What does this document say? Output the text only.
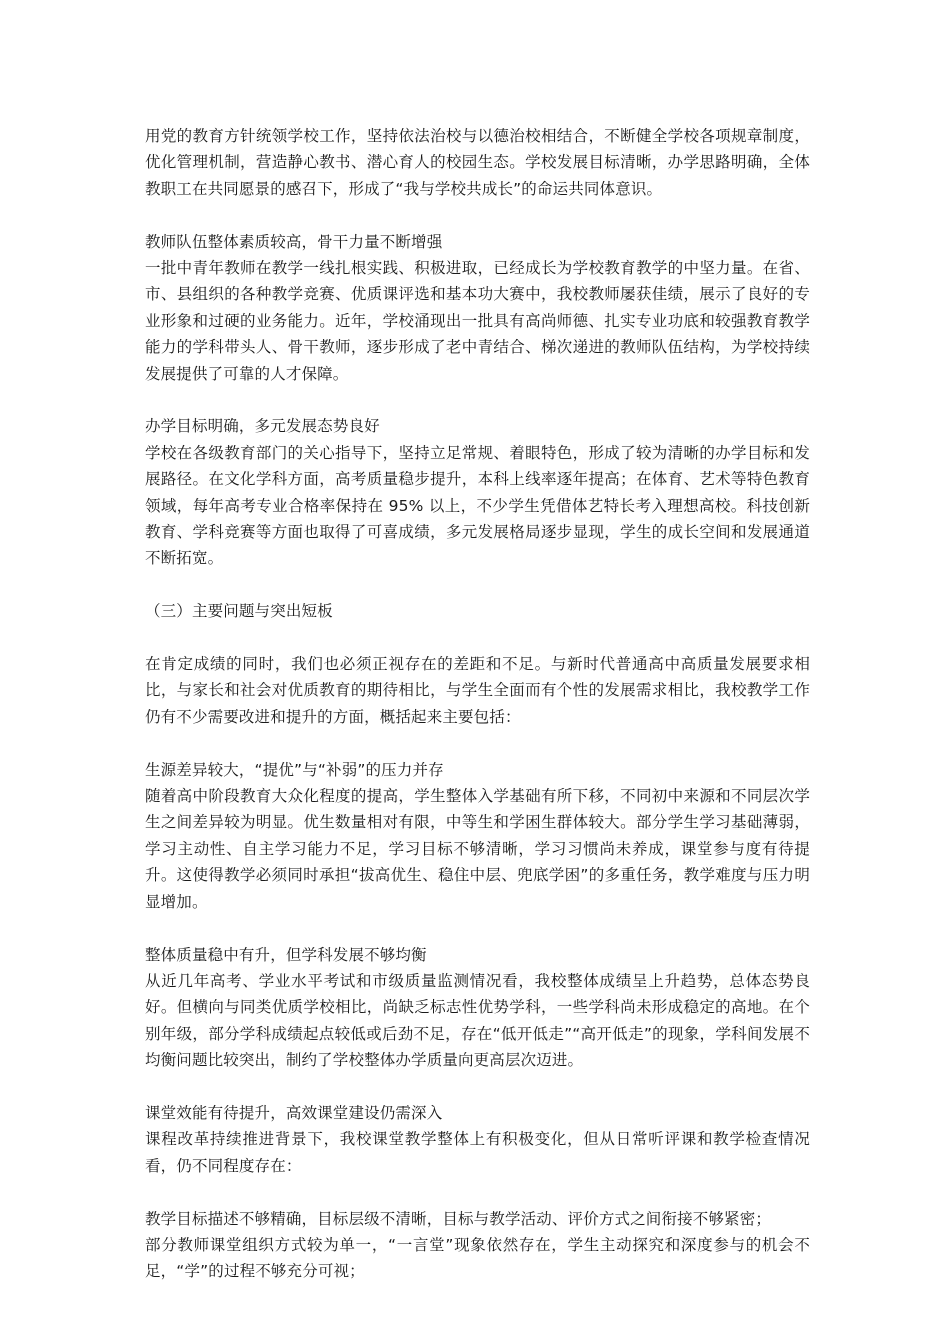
用党的教育方针统领学校工作，坚持依法治校与以德治校相结合，不断健全学校各项规章制度，优化管理机制，营造静心教书、潜心育人的校园生态。学校发展目标清晰，办学思路明确，全体教职工在共同愿景的感召下，形成了“我与学校共成长”的命运共同体意识。

教师队伍整体素质较高，骨干力量不断增强

一批中青年教师在教学一线扎根实践、积极进取，已经成长为学校教育教学的中坚力量。在省、市、县组织的各种教学竞赛、优质课评选和基本功大赛中，我校教师屡获佳绩，展示了良好的专业形象和过硬的业务能力。近年，学校涌现出一批具有高尚师德、扎实专业功底和较强教育教学能力的学科带头人、骨干教师，逐步形成了老中青结合、梯次递进的教师队伍结构，为学校持续发展提供了可靠的人才保障。

办学目标明确，多元发展态势良好

学校在各级教育部门的关心指导下，坚持立足常规、着眼特色，形成了较为清晰的办学目标和发展路径。在文化学科方面，高考质量稳步提升，本科上线率逐年提高；在体育、艺术等特色教育领域，每年高考专业合格率保持在 95% 以上，不少学生凭借体艺特长考入理想高校。科技创新教育、学科竞赛等方面也取得了可喜成绩，多元发展格局逐步显现，学生的成长空间和发展通道不断拓宽。

（三）主要问题与突出短板

在肯定成绩的同时，我们也必须正视存在的差距和不足。与新时代普通高中高质量发展要求相比，与家长和社会对优质教育的期待相比，与学生全面而有个性的发展需求相比，我校教学工作仍有不少需要改进和提升的方面，概括起来主要包括：

生源差异较大，“提优”与“补弱”的压力并存

随着高中阶段教育大众化程度的提高，学生整体入学基础有所下移，不同初中来源和不同层次学生之间差异较为明显。优生数量相对有限，中等生和学困生群体较大。部分学生学习基础薄弱，学习主动性、自主学习能力不足，学习目标不够清晰，学习习惯尚未养成，课堂参与度有待提升。这使得教学必须同时承担“拔高优生、稳住中层、兜底学困”的多重任务，教学难度与压力明显增加。

整体质量稳中有升，但学科发展不够均衡

从近几年高考、学业水平考试和市级质量监测情况看，我校整体成绩呈上升趋势，总体态势良好。但横向与同类优质学校相比，尚缺乏标志性优势学科，一些学科尚未形成稳定的高地。在个别年级，部分学科成绩起点较低或后劲不足，存在“低开低走”“高开低走”的现象，学科间发展不均衡问题比较突出，制约了学校整体办学质量向更高层次迈进。

课堂效能有待提升，高效课堂建设仍需深入

课程改革持续推进背景下，我校课堂教学整体上有积极变化，但从日常听评课和教学检查情况看，仍不同程度存在：

教学目标描述不够精确，目标层级不清晰，目标与教学活动、评价方式之间衔接不够紧密；

部分教师课堂组织方式较为单一，“一言堂”现象依然存在，学生主动探究和深度参与的机会不足，“学”的过程不够充分可视；
